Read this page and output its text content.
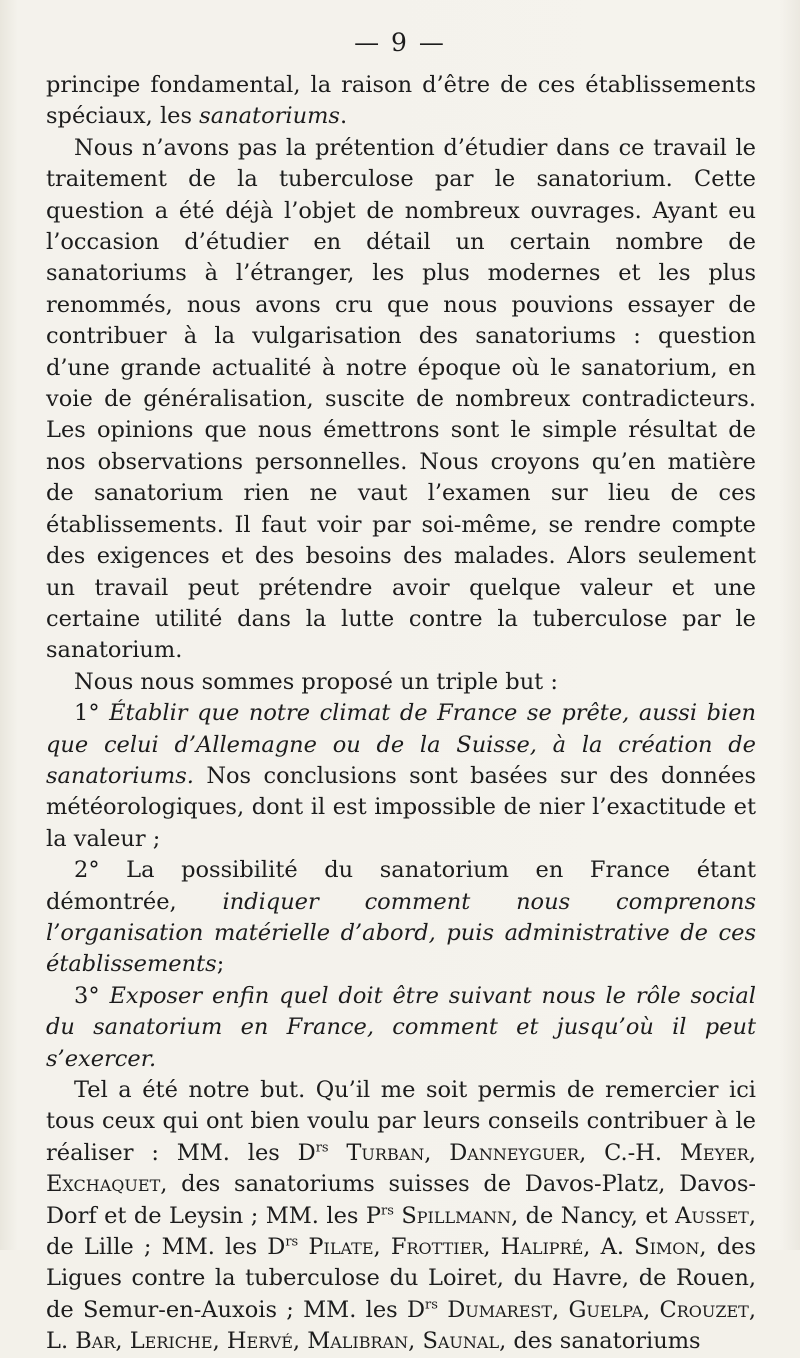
— 9 —

principe fondamental, la raison d’être de ces établissements spéciaux, les sanatoriums.

Nous n’avons pas la prétention d’étudier dans ce travail le traitement de la tuberculose par le sanatorium. Cette question a été déjà l’objet de nombreux ouvrages. Ayant eu l’occasion d’étudier en détail un certain nombre de sanatoriums à l’étranger, les plus modernes et les plus renommés, nous avons cru que nous pouvions essayer de contribuer à la vulgarisation des sanatoriums : question d’une grande actualité à notre époque où le sanatorium, en voie de généralisation, suscite de nombreux contradicteurs. Les opinions que nous émettrons sont le simple résultat de nos observations personnelles. Nous croyons qu’en matière de sanatorium rien ne vaut l’examen sur lieu de ces établissements. Il faut voir par soi-même, se rendre compte des exigences et des besoins des malades. Alors seulement un travail peut prétendre avoir quelque valeur et une certaine utilité dans la lutte contre la tuberculose par le sanatorium.

Nous nous sommes proposé un triple but :

1° Établir que notre climat de France se prête, aussi bien que celui d’Allemagne ou de la Suisse, à la création de sanatoriums. Nos conclusions sont basées sur des données météorologiques, dont il est impossible de nier l’exactitude et la valeur ;

2° La possibilité du sanatorium en France étant démontrée, indiquer comment nous comprenons l’organisation matérielle d’abord, puis administrative de ces établissements;

3° Exposer enfin quel doit être suivant nous le rôle social du sanatorium en France, comment et jusqu’où il peut s’exercer.

Tel a été notre but. Qu’il me soit permis de remercier ici tous ceux qui ont bien voulu par leurs conseils contribuer à le réaliser : MM. les $D^{rs}$ Turban, Danneyguer, C.-H. Meyer, Exchaquet, des sanatoriums suisses de Davos-Platz, Davos-Dorf et de Leysin ; MM. les $P^{rs}$ Spillmann, de Nancy, et Ausset, de Lille ; MM. les $D^{rs}$ Pilate, Frottier, Halipré, A. Simon, des Ligues contre la tuberculose du Loiret, du Havre, de Rouen, de Semur-en-Auxois ; MM. les $D^{rs}$ Dumarest, Guelpa, Crouzet, L. Bar, Leriche, Hervé, Malibran, Saunal, des sanatoriums
